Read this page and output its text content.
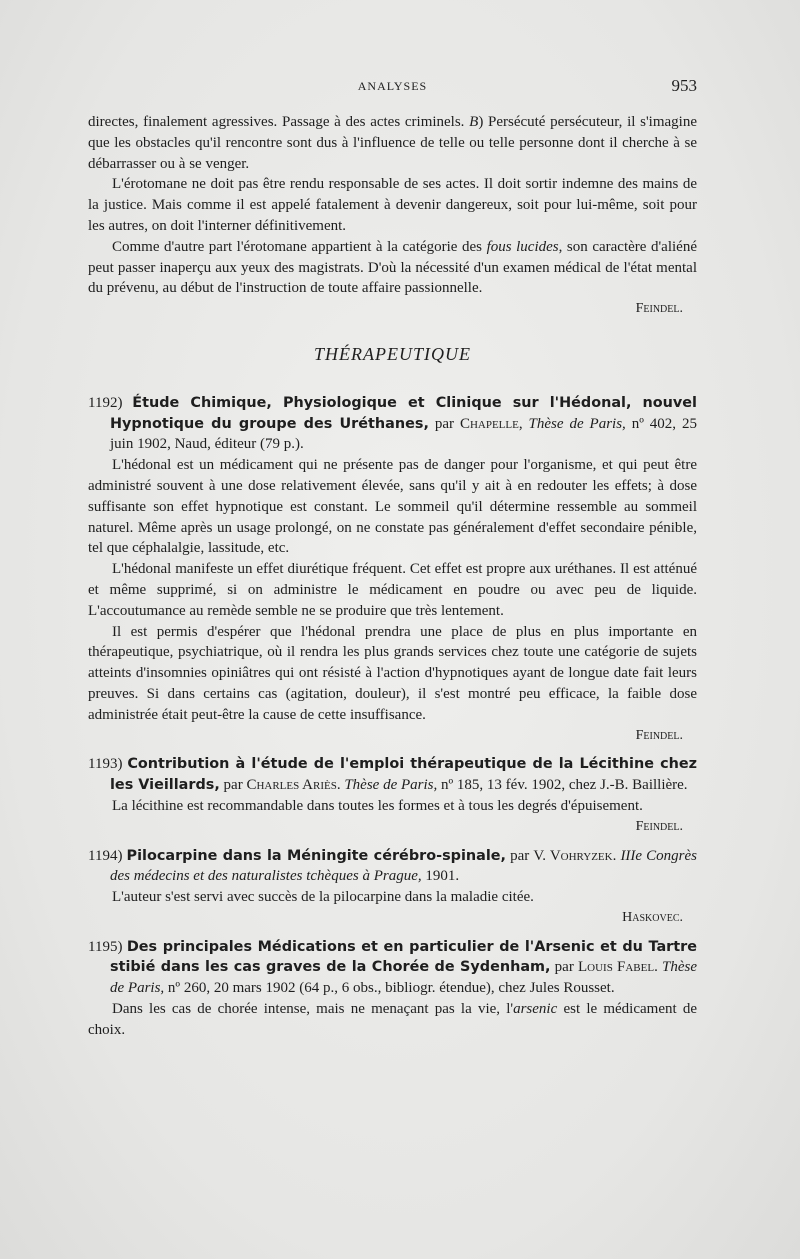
ANALYSES	953

directes, finalement agressives. Passage à des actes criminels. B) Persécuté persécuteur, il s'imagine que les obstacles qu'il rencontre sont dus à l'influence de telle ou telle personne dont il cherche à se débarrasser ou à se venger.

L'érotomane ne doit pas être rendu responsable de ses actes. Il doit sortir indemne des mains de la justice. Mais comme il est appelé fatalement à devenir dangereux, soit pour lui-même, soit pour les autres, on doit l'interner définitivement.

Comme d'autre part l'érotomane appartient à la catégorie des fous lucides, son caractère d'aliéné peut passer inaperçu aux yeux des magistrats. D'où la nécessité d'un examen médical de l'état mental du prévenu, au début de l'instruction de toute affaire passionnelle.

Feindel.

THÉRAPEUTIQUE

1192) Étude Chimique, Physiologique et Clinique sur l'Hédonal, nouvel Hypnotique du groupe des Uréthanes, par Chapelle, Thèse de Paris, nº 402, 25 juin 1902, Naud, éditeur (79 p.).

L'hédonal est un médicament qui ne présente pas de danger pour l'organisme, et qui peut être administré souvent à une dose relativement élevée, sans qu'il y ait à en redouter les effets; à dose suffisante son effet hypnotique est constant. Le sommeil qu'il détermine ressemble au sommeil naturel. Même après un usage prolongé, on ne constate pas généralement d'effet secondaire pénible, tel que céphalalgie, lassitude, etc.

L'hédonal manifeste un effet diurétique fréquent. Cet effet est propre aux uréthanes. Il est atténué et même supprimé, si on administre le médicament en poudre ou avec peu de liquide. L'accoutumance au remède semble ne se produire que très lentement.

Il est permis d'espérer que l'hédonal prendra une place de plus en plus importante en thérapeutique, psychiatrique, où il rendra les plus grands services chez toute une catégorie de sujets atteints d'insomnies opiniâtres qui ont résisté à l'action d'hypnotiques ayant de longue date fait leurs preuves. Si dans certains cas (agitation, douleur), il s'est montré peu efficace, la faible dose administrée était peut-être la cause de cette insuffisance.

Feindel.

1193) Contribution à l'étude de l'emploi thérapeutique de la Lécithine chez les Vieillards, par Charles Ariès. Thèse de Paris, nº 185, 13 fév. 1902, chez J.-B. Baillière.

La lécithine est recommandable dans toutes les formes et à tous les degrés d'épuisement.

Feindel.

1194) Pilocarpine dans la Méningite cérébro-spinale, par V. Vohryzek. IIIe Congrès des médecins et des naturalistes tchèques à Prague, 1901.

L'auteur s'est servi avec succès de la pilocarpine dans la maladie citée.

Haskovec.

1195) Des principales Médications et en particulier de l'Arsenic et du Tartre stibié dans les cas graves de la Chorée de Sydenham, par Louis Fabel. Thèse de Paris, nº 260, 20 mars 1902 (64 p., 6 obs., bibliogr. étendue), chez Jules Rousset.

Dans les cas de chorée intense, mais ne menaçant pas la vie, l'arsenic est le médicament de choix.
